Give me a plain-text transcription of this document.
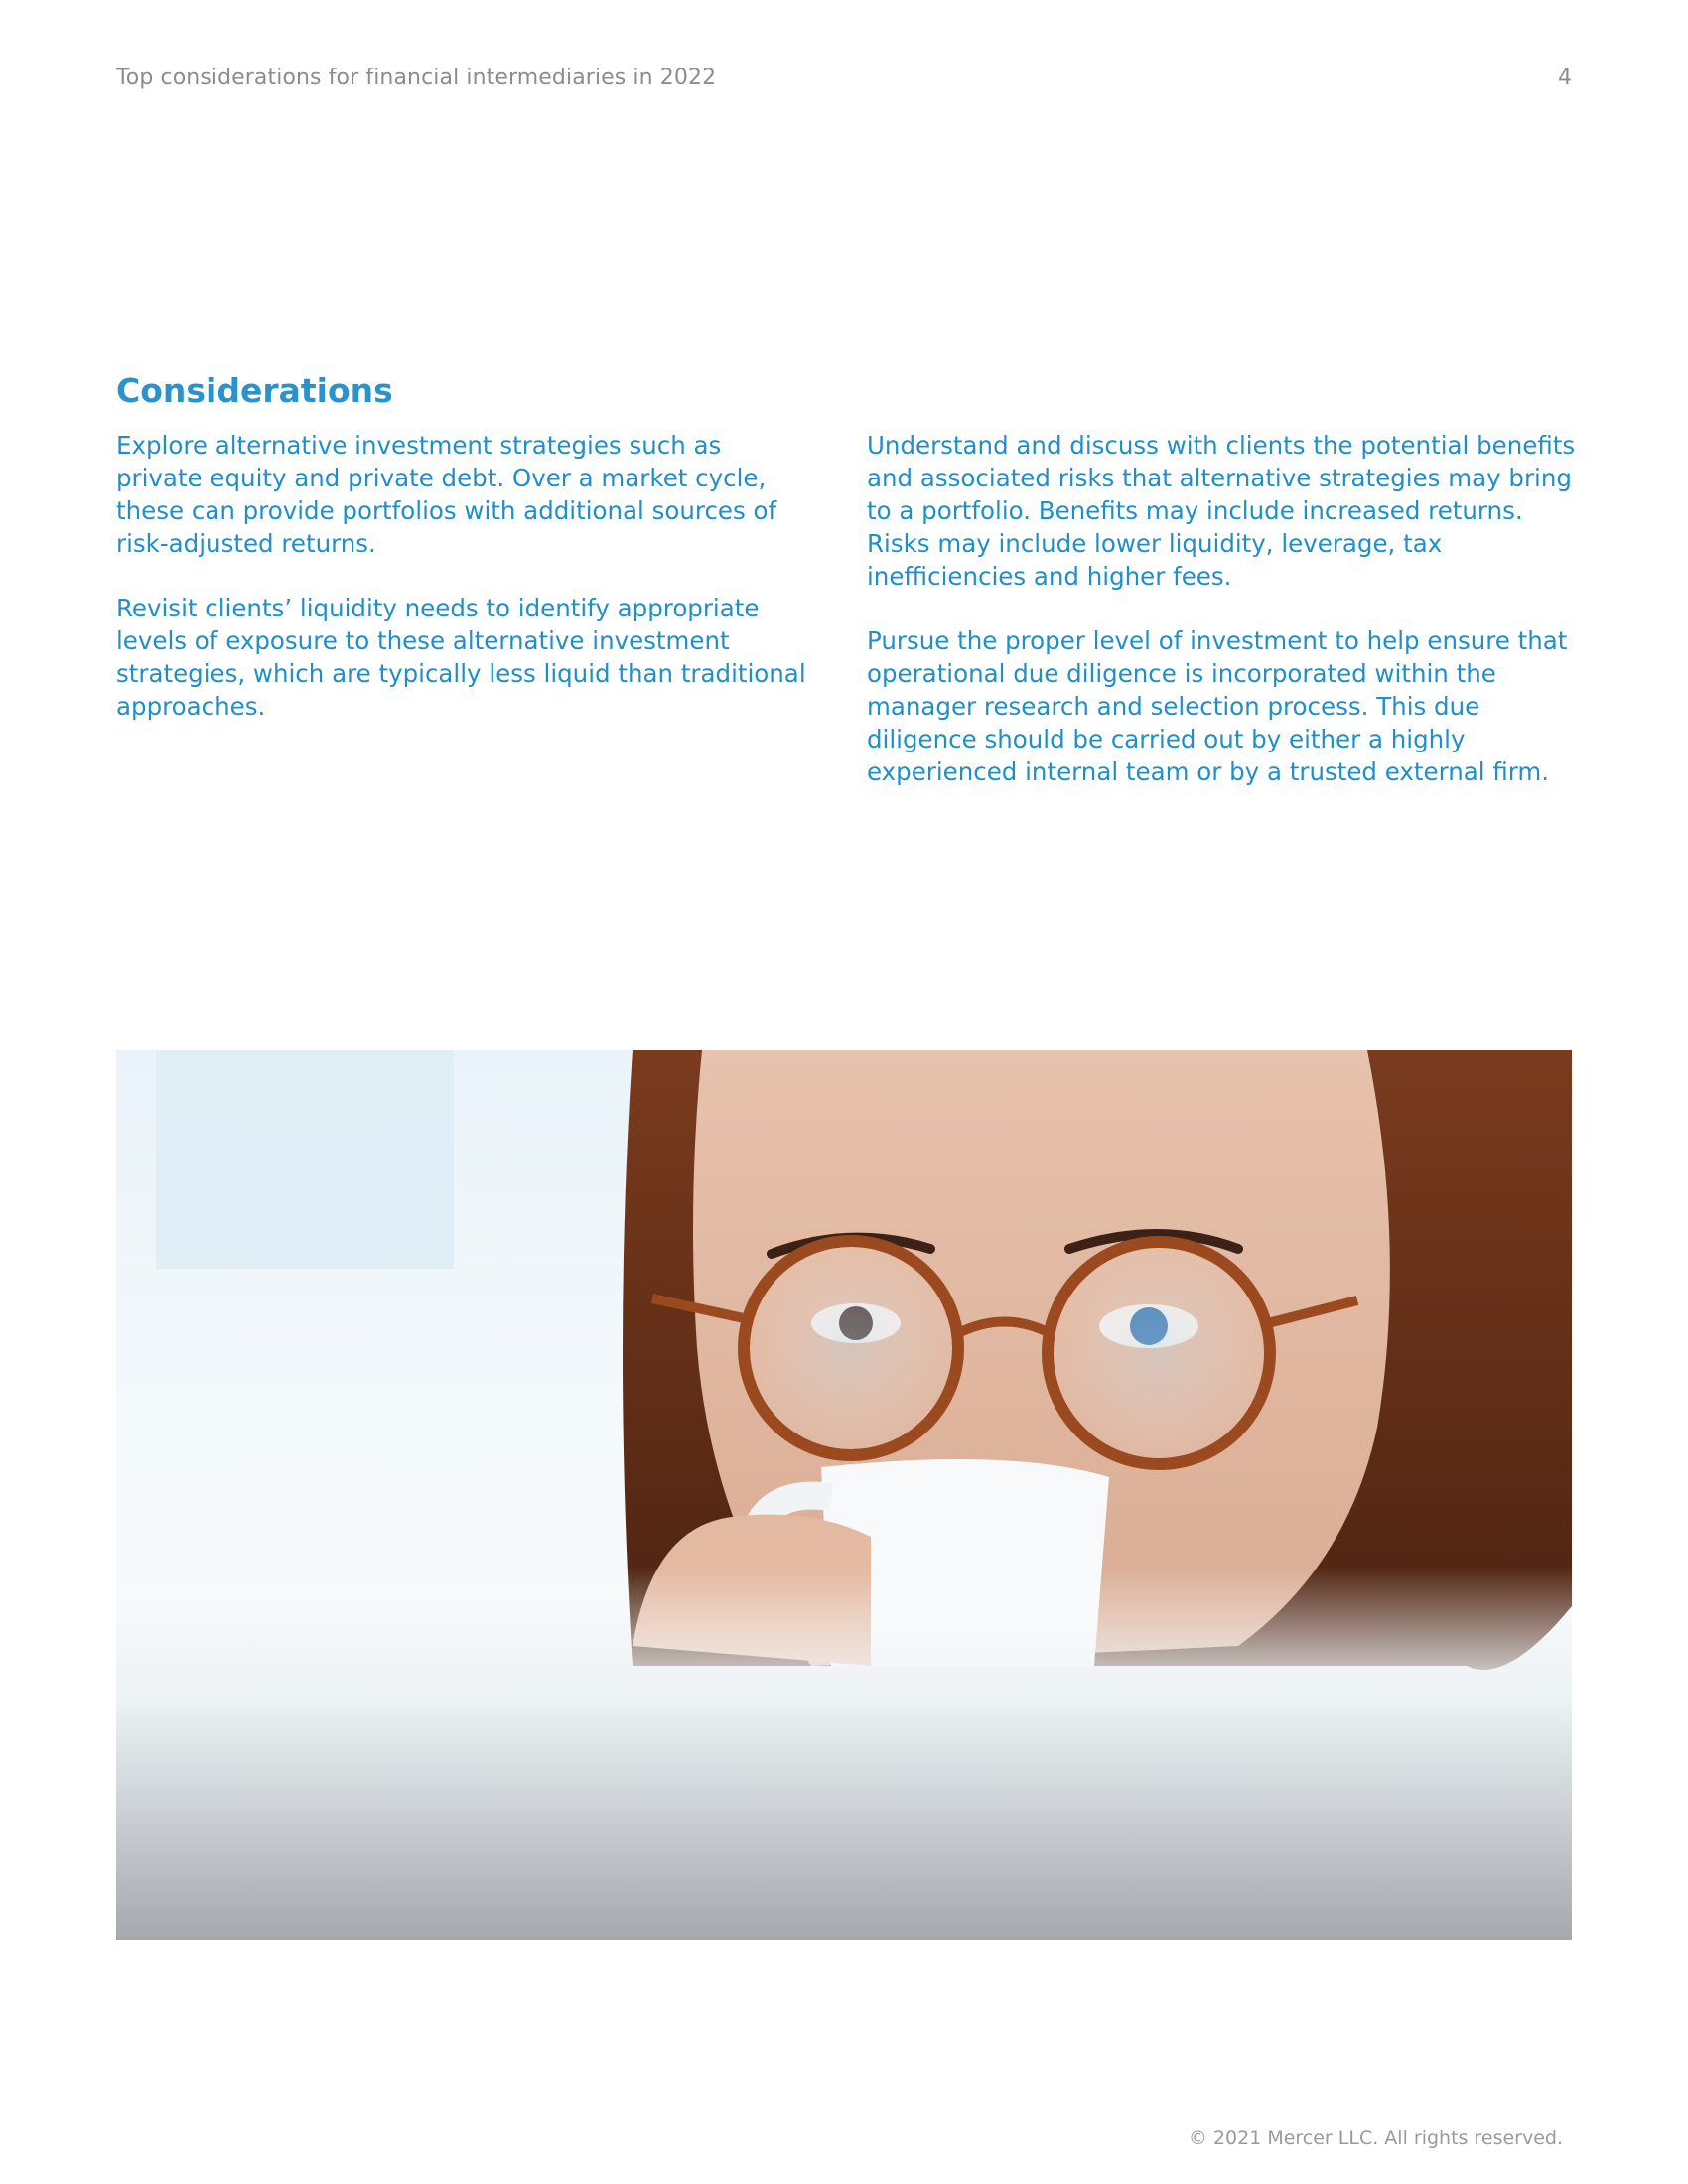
Top considerations for financial intermediaries in 2022	4
Considerations

Explore alternative investment strategies such as private equity and private debt. Over a market cycle, these can provide portfolios with additional sources of risk-adjusted returns.

Revisit clients’ liquidity needs to identify appropriate levels of exposure to these alternative investment strategies, which are typically less liquid than traditional approaches.

Understand and discuss with clients the potential benefits and associated risks that alternative strategies may bring to a portfolio. Benefits may include increased returns. Risks may include lower liquidity, leverage, tax inefficiencies and higher fees.

Pursue the proper level of investment to help ensure that operational due diligence is incorporated within the manager research and selection process. This due diligence should be carried out by either a highly experienced internal team or by a trusted external firm.

© 2021 Mercer LLC. All rights reserved.
